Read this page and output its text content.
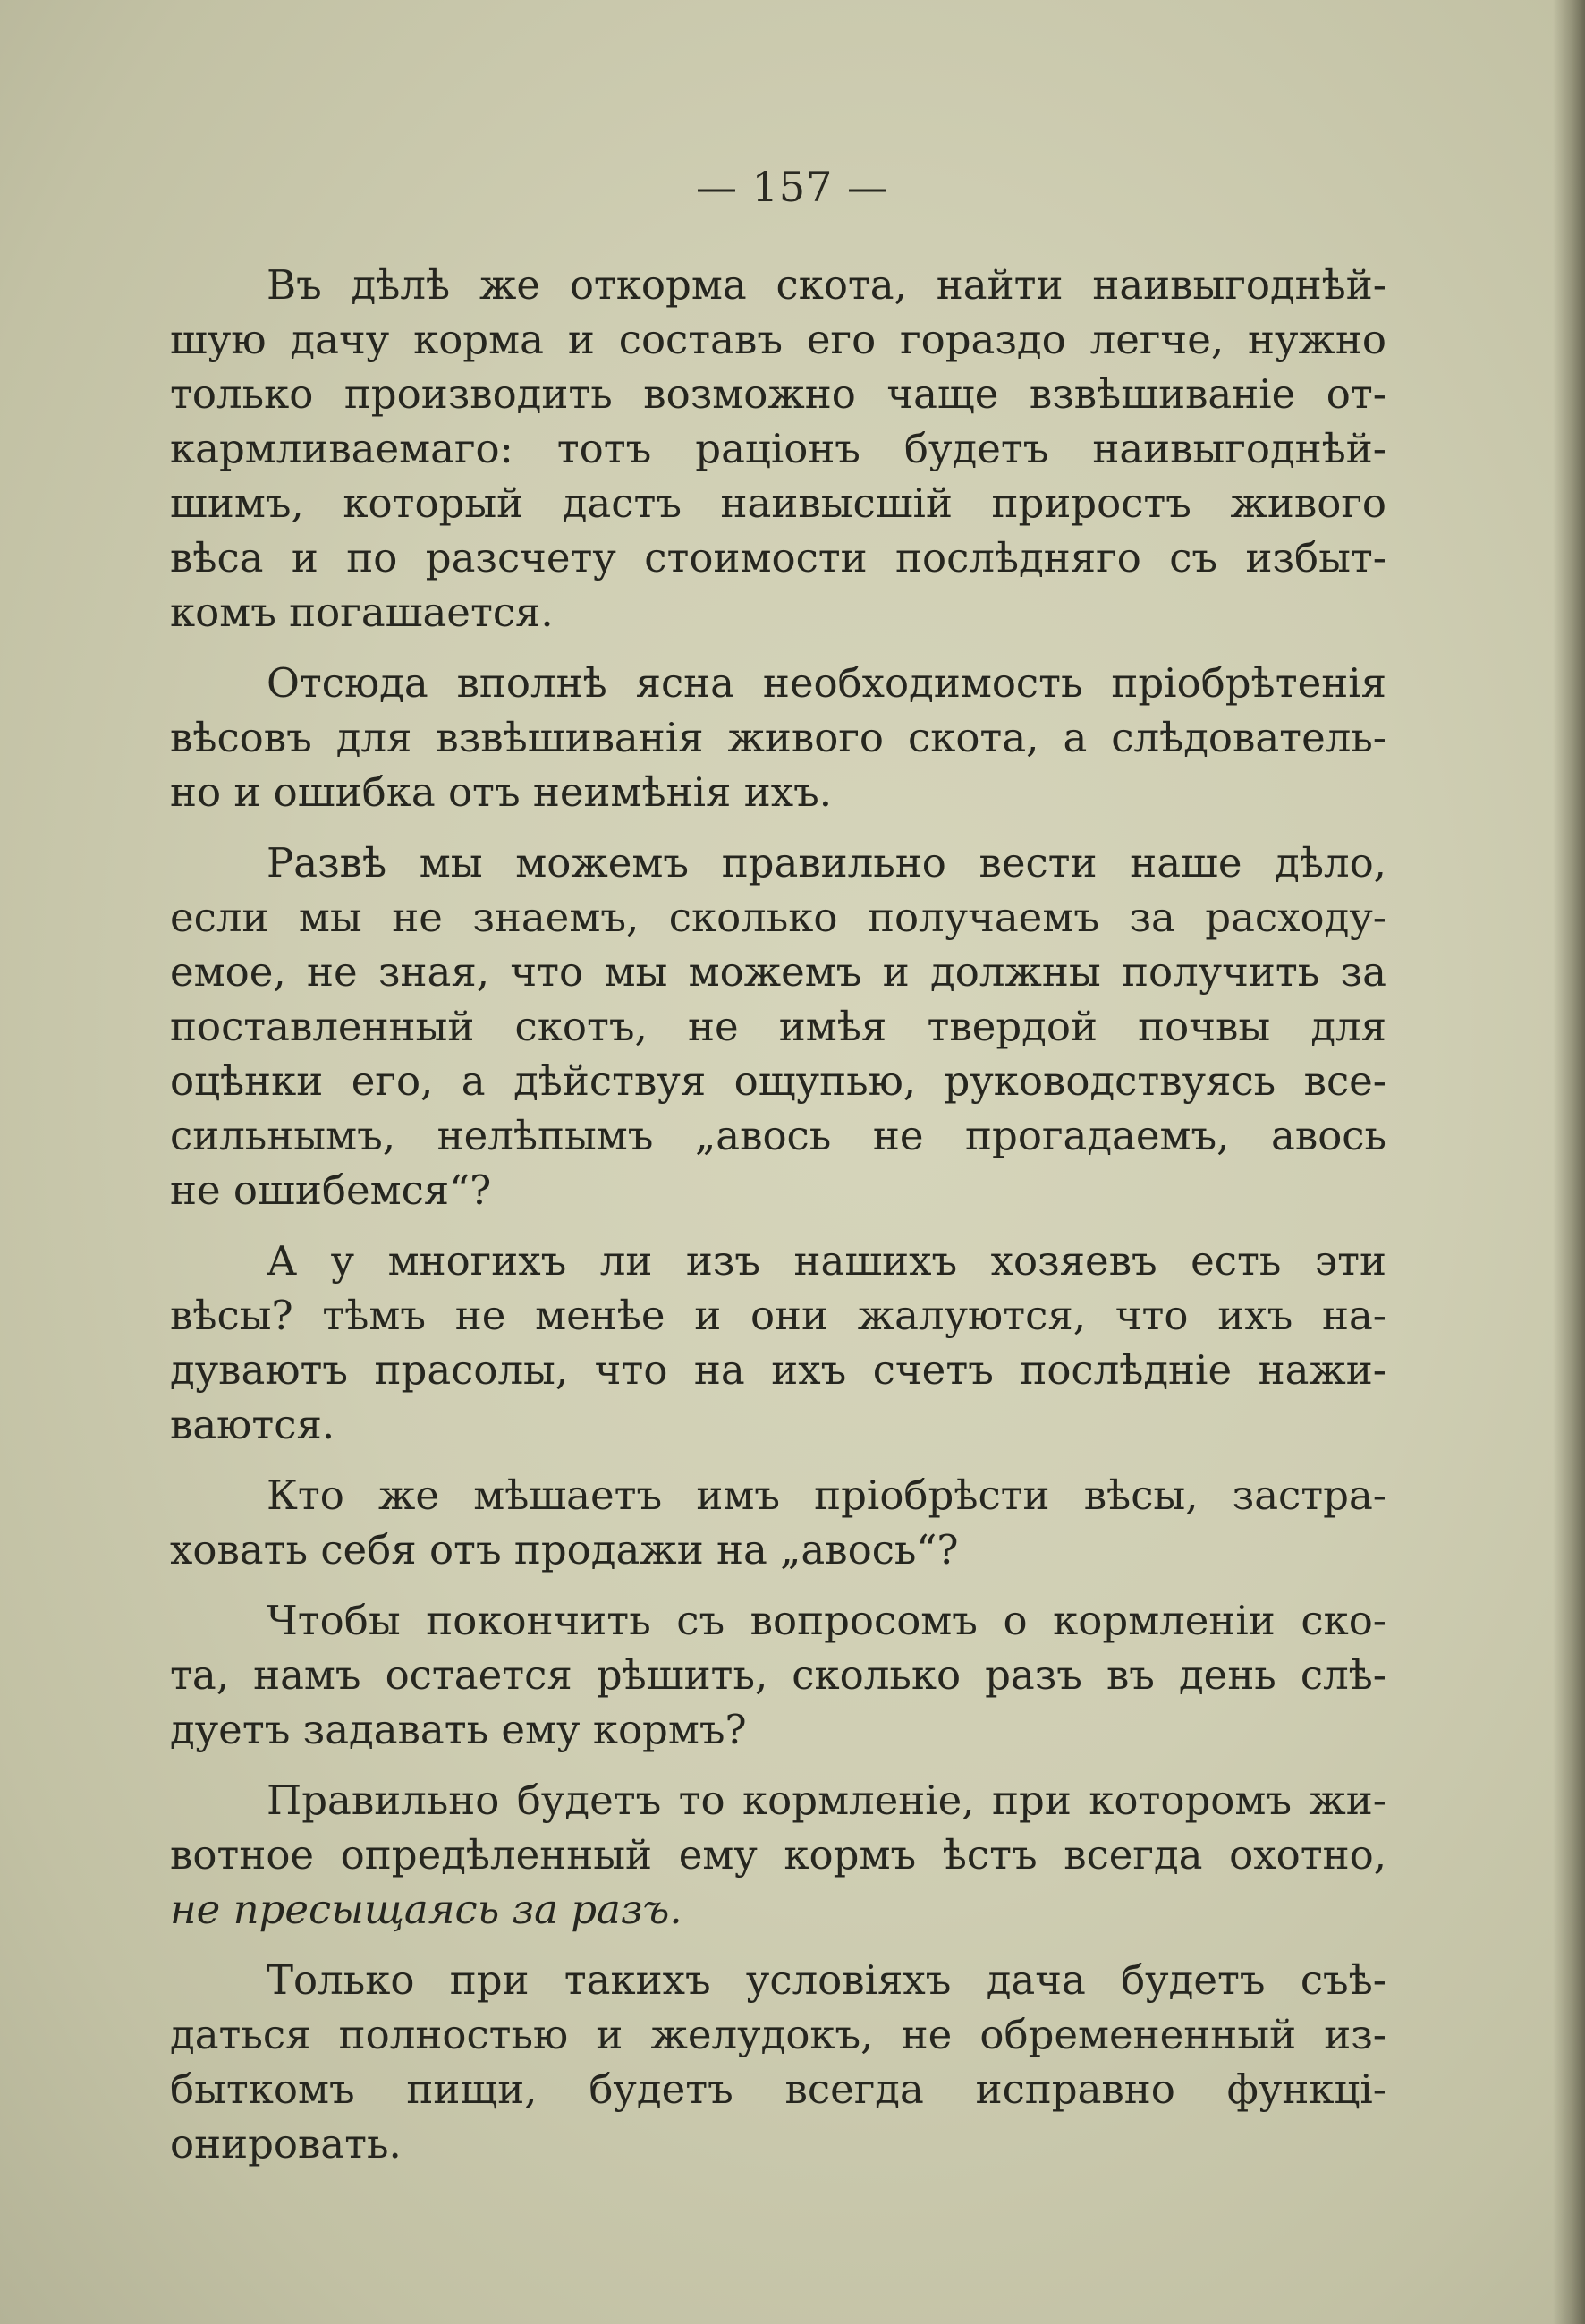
— 157 —
Въ дѣлѣ же откорма скота, найти наивыгоднѣй-
шую дачу корма и составъ его гораздо легче, нужно
только производить возможно чаще взвѣшиваніе от-
кармливаемаго: тотъ раціонъ будетъ наивыгоднѣй-
шимъ, который дастъ наивысшій приростъ живого
вѣса и по разсчету стоимости послѣдняго съ избыт-
комъ погашается.
Отсюда вполнѣ ясна необходимость пріобрѣтенія
вѣсовъ для взвѣшиванія живого скота, а слѣдователь-
но и ошибка отъ неимѣнія ихъ.
Развѣ мы можемъ правильно вести наше дѣло,
если мы не знаемъ, сколько получаемъ за расходу-
емое, не зная, что мы можемъ и должны получить за
поставленный скотъ, не имѣя твердой почвы для
оцѣнки его, а дѣйствуя ощупью, руководствуясь все-
сильнымъ, нелѣпымъ „авось не прогадаемъ, авось
не ошибемся“?
А у многихъ ли изъ нашихъ хозяевъ есть эти
вѣсы? тѣмъ не менѣе и они жалуются, что ихъ на-
дуваютъ прасолы, что на ихъ счетъ послѣдніе нажи-
ваются.
Кто же мѣшаетъ имъ пріобрѣсти вѣсы, застра-
ховать себя отъ продажи на „авось“?
Чтобы покончить съ вопросомъ о кормленіи ско-
та, намъ остается рѣшить, сколько разъ въ день слѣ-
дуетъ задавать ему кормъ?
Правильно будетъ то кормленіе, при которомъ жи-
вотное опредѣленный ему кормъ ѣстъ всегда охотно,
не пресыщаясь за разъ.
Только при такихъ условіяхъ дача будетъ съѣ-
даться полностью и желудокъ, не обремененный из-
быткомъ пищи, будетъ всегда исправно функці-
онировать.
